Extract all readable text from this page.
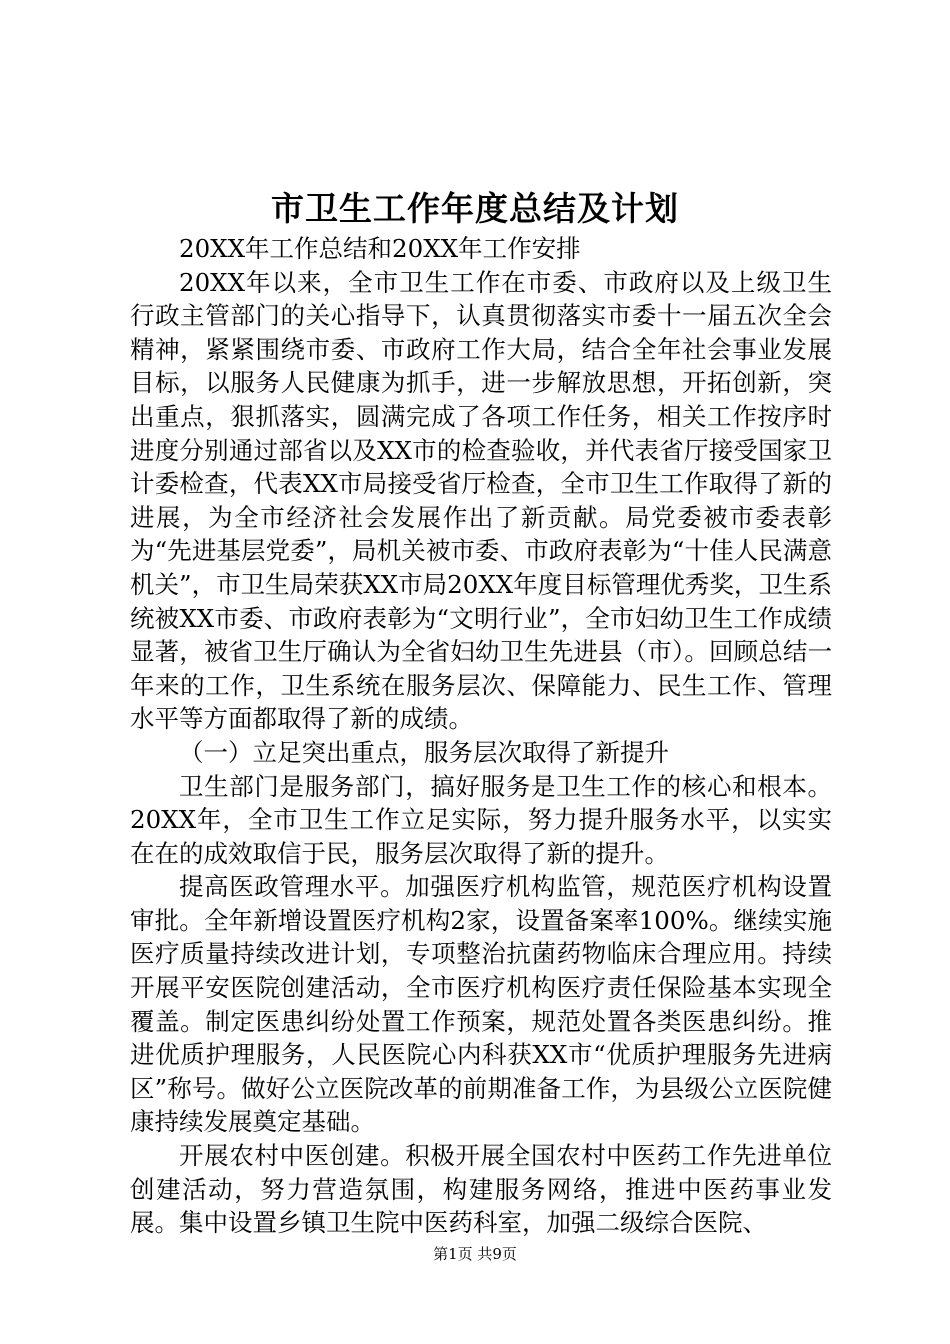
市卫生工作年度总结及计划

20XX年工作总结和20XX年工作安排

20XX年以来，全市卫生工作在市委、市政府以及上级卫生行政主管部门的关心指导下，认真贯彻落实市委十一届五次全会精神，紧紧围绕市委、市政府工作大局，结合全年社会事业发展目标，以服务人民健康为抓手，进一步解放思想，开拓创新，突出重点，狠抓落实，圆满完成了各项工作任务，相关工作按序时进度分别通过部省以及XX市的检查验收，并代表省厅接受国家卫计委检查，代表XX市局接受省厅检查，全市卫生工作取得了新的进展，为全市经济社会发展作出了新贡献。局党委被市委表彰为“先进基层党委”，局机关被市委、市政府表彰为“十佳人民满意机关”，市卫生局荣获XX市局20XX年度目标管理优秀奖，卫生系统被XX市委、市政府表彰为“文明行业”，全市妇幼卫生工作成绩显著，被省卫生厅确认为全省妇幼卫生先进县（市）。回顾总结一年来的工作，卫生系统在服务层次、保障能力、民生工作、管理水平等方面都取得了新的成绩。

（一）立足突出重点，服务层次取得了新提升

卫生部门是服务部门，搞好服务是卫生工作的核心和根本。20XX年，全市卫生工作立足实际，努力提升服务水平，以实实在在的成效取信于民，服务层次取得了新的提升。

提高医政管理水平。加强医疗机构监管，规范医疗机构设置审批。全年新增设置医疗机构2家，设置备案率100%。继续实施医疗质量持续改进计划，专项整治抗菌药物临床合理应用。持续开展平安医院创建活动，全市医疗机构医疗责任保险基本实现全覆盖。制定医患纠纷处置工作预案，规范处置各类医患纠纷。推进优质护理服务，人民医院心内科获XX市“优质护理服务先进病区”称号。做好公立医院改革的前期准备工作，为县级公立医院健康持续发展奠定基础。

开展农村中医创建。积极开展全国农村中医药工作先进单位创建活动，努力营造氛围，构建服务网络，推进中医药事业发展。集中设置乡镇卫生院中医药科室，加强二级综合医院、

第1页 共9页
